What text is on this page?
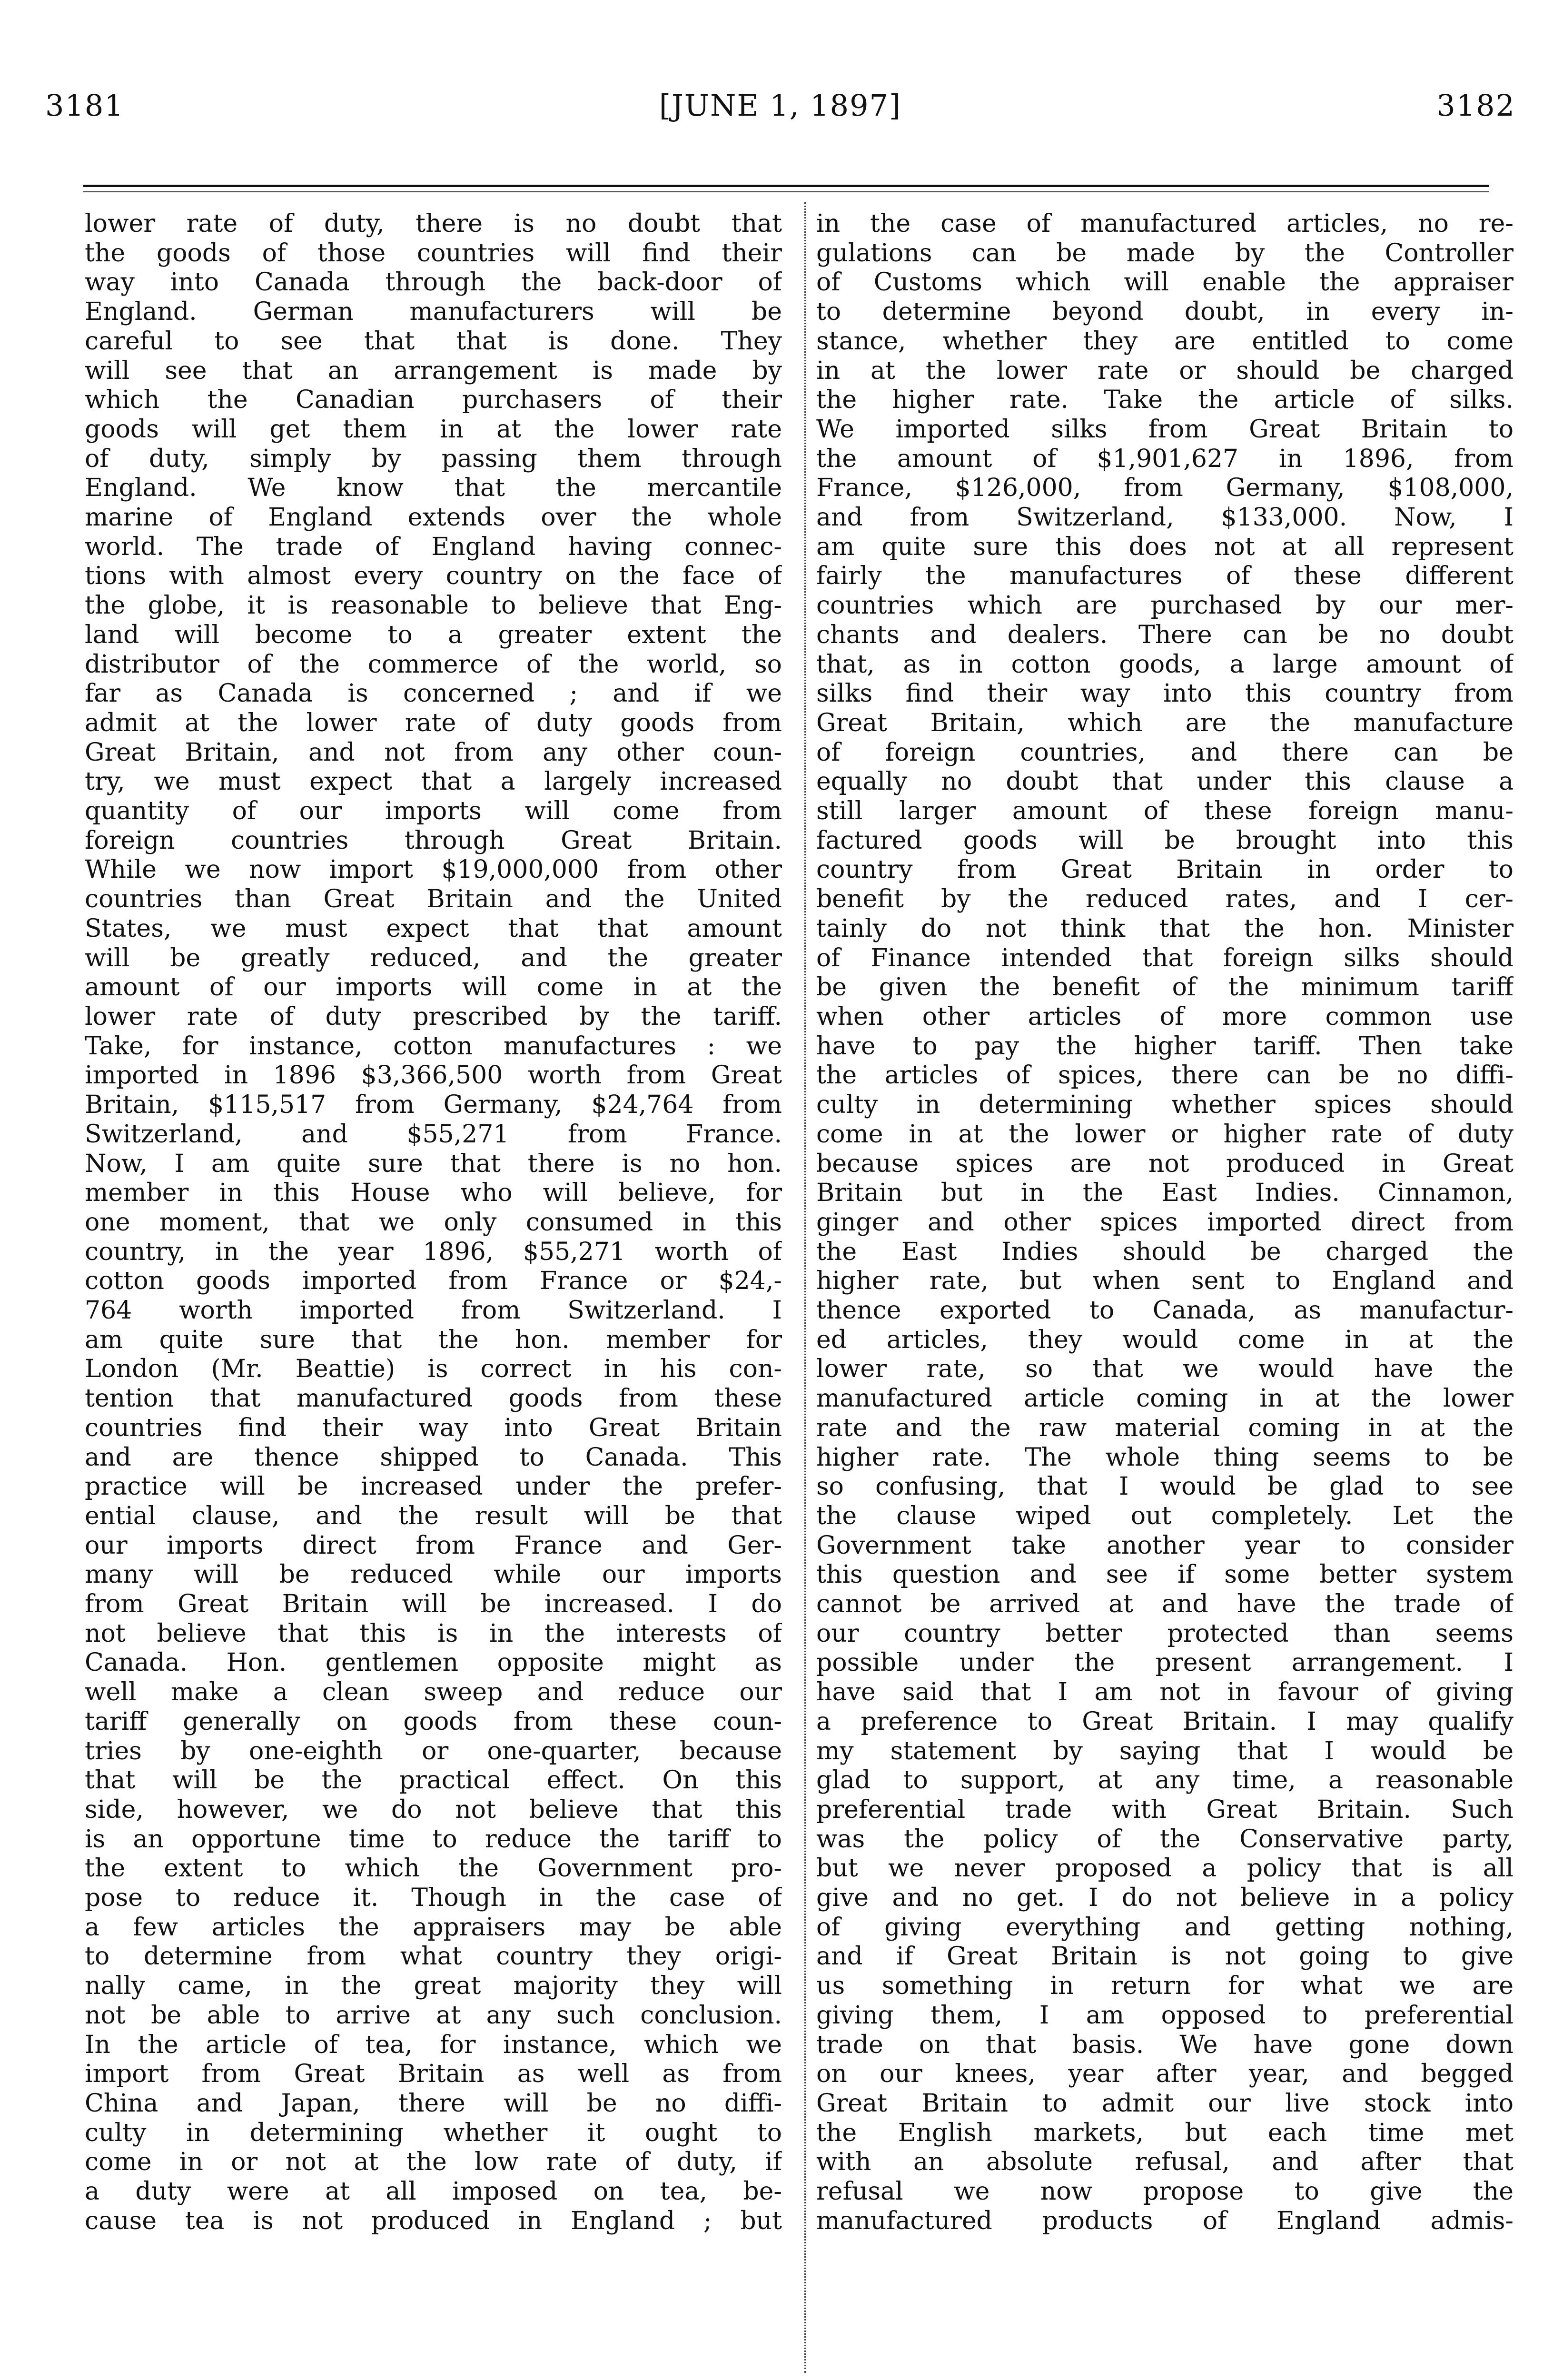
3181	[JUNE 1, 1897]	3182

lower rate of duty, there is no doubt that

the goods of those countries will find their

way into Canada through the back-door of

England. German manufacturers will be

careful to see that that is done. They

will see that an arrangement is made by

which the Canadian purchasers of their

goods will get them in at the lower rate

of duty, simply by passing them through

England. We know that the mercantile

marine of England extends over the whole

world. The trade of England having connec-

tions with almost every country on the face of

the globe, it is reasonable to believe that Eng-

land will become to a greater extent the

distributor of the commerce of the world, so

far as Canada is concerned ; and if we

admit at the lower rate of duty goods from

Great Britain, and not from any other coun-

try, we must expect that a largely increased

quantity of our imports will come from

foreign countries through Great Britain.

While we now import $19,000,000 from other

countries than Great Britain and the United

States, we must expect that that amount

will be greatly reduced, and the greater

amount of our imports will come in at the

lower rate of duty prescribed by the tariff.

Take, for instance, cotton manufactures : we

imported in 1896 $3,366,500 worth from Great

Britain, $115,517 from Germany, $24,764 from

Switzerland, and $55,271 from France.

Now, I am quite sure that there is no hon.

member in this House who will believe, for

one moment, that we only consumed in this

country, in the year 1896, $55,271 worth of

cotton goods imported from France or $24,-

764 worth imported from Switzerland. I

am quite sure that the hon. member for

London (Mr. Beattie) is correct in his con-

tention that manufactured goods from these

countries find their way into Great Britain

and are thence shipped to Canada. This

practice will be increased under the prefer-

ential clause, and the result will be that

our imports direct from France and Ger-

many will be reduced while our imports

from Great Britain will be increased. I do

not believe that this is in the interests of

Canada. Hon. gentlemen opposite might as

well make a clean sweep and reduce our

tariff generally on goods from these coun-

tries by one-eighth or one-quarter, because

that will be the practical effect. On this

side, however, we do not believe that this

is an opportune time to reduce the tariff to

the extent to which the Government pro-

pose to reduce it. Though in the case of

a few articles the appraisers may be able

to determine from what country they origi-

nally came, in the great majority they will

not be able to arrive at any such conclusion.

In the article of tea, for instance, which we

import from Great Britain as well as from

China and Japan, there will be no diffi-

culty in determining whether it ought to

come in or not at the low rate of duty, if

a duty were at all imposed on tea, be-

cause tea is not produced in England ; but

in the case of manufactured articles, no re-

gulations can be made by the Controller

of Customs which will enable the appraiser

to determine beyond doubt, in every in-

stance, whether they are entitled to come

in at the lower rate or should be charged

the higher rate. Take the article of silks.

We imported silks from Great Britain to

the amount of $1,901,627 in 1896, from

France, $126,000, from Germany, $108,000,

and from Switzerland, $133,000. Now, I

am quite sure this does not at all represent

fairly the manufactures of these different

countries which are purchased by our mer-

chants and dealers. There can be no doubt

that, as in cotton goods, a large amount of

silks find their way into this country from

Great Britain, which are the manufacture

of foreign countries, and there can be

equally no doubt that under this clause a

still larger amount of these foreign manu-

factured goods will be brought into this

country from Great Britain in order to

benefit by the reduced rates, and I cer-

tainly do not think that the hon. Minister

of Finance intended that foreign silks should

be given the benefit of the minimum tariff

when other articles of more common use

have to pay the higher tariff. Then take

the articles of spices, there can be no diffi-

culty in determining whether spices should

come in at the lower or higher rate of duty

because spices are not produced in Great

Britain but in the East Indies. Cinnamon,

ginger and other spices imported direct from

the East Indies should be charged the

higher rate, but when sent to England and

thence exported to Canada, as manufactur-

ed articles, they would come in at the

lower rate, so that we would have the

manufactured article coming in at the lower

rate and the raw material coming in at the

higher rate. The whole thing seems to be

so confusing, that I would be glad to see

the clause wiped out completely. Let the

Government take another year to consider

this question and see if some better system

cannot be arrived at and have the trade of

our country better protected than seems

possible under the present arrangement. I

have said that I am not in favour of giving

a preference to Great Britain. I may qualify

my statement by saying that I would be

glad to support, at any time, a reasonable

preferential trade with Great Britain. Such

was the policy of the Conservative party,

but we never proposed a policy that is all

give and no get. I do not believe in a policy

of giving everything and getting nothing,

and if Great Britain is not going to give

us something in return for what we are

giving them, I am opposed to preferential

trade on that basis. We have gone down

on our knees, year after year, and begged

Great Britain to admit our live stock into

the English markets, but each time met

with an absolute refusal, and after that

refusal we now propose to give the

manufactured products of England admis-
